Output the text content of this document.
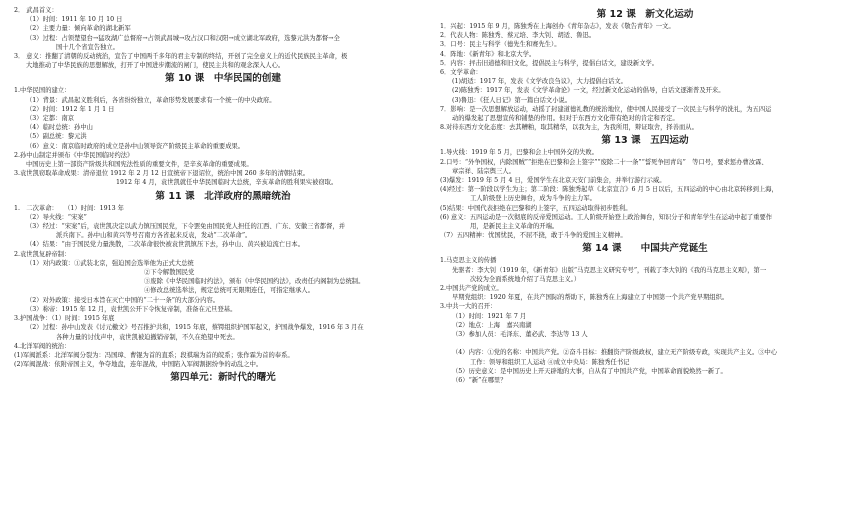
2． 武昌首义：
（1）时间：1911 年 10 月 10 日
（2）主要力量：倾向革命的湖北新军
（3）过程：占领楚望台→猛攻湖广总督府→占领武昌城→攻占汉口和汉阳→成立湖北军政府，选黎元洪为都督→全
国十几个省宣告独立。
3． 意义：推翻了清朝的反动统治，宣告了中国两千多年的君主专制的终结，开创了完全意义上的近代民族民主革命，极
大地推动了中华民族的思想解放，打开了中国进步潮流的闸门，使民主共和的观念深入人心。
第 10 课　中华民国的创建
1.中华民国的建立：
（1）背景：武昌起义胜利后，各省纷纷独立，革命形势发展要求有一个统一的中央政府。
（2）时间：1912 年 1 月 1 日
（3）定都：南京
（4）临时总统：孙中山
（5）副总统：黎元洪
（6）意义：南京临时政府的成立是孙中山领导资产阶级民主革命的重要成果。
2.孙中山制定并颁布《中华民国临时约法》
中国历史上第一部资产阶级共和国宪法性质的重要文件，是辛亥革命的重要成果。
3.袁世凯窃取革命成果：清帝退位 1912 年 2 月 12 日宣统帝下退诏位，统治中国 260 多年的清朝结束。
1912 年 4 月，袁世凯就任中华民国临时大总统，辛亥革命的胜利果实被窃取。
第 11 课　北洋政府的黑暗统治
1.　二次革命：　　（1）时间：1913 年
（2）导火线：“宋案”
（3）经过：“宋案”后，袁世凯决定以武力镇压国民党，下令罢免由国民党人担任的江西、广东、安徽三省都督，并
派兵南下。孙中山和黄兴等号召南方各省起来反袁，发动“二次革命”。
（4）结果：“由于国民党力量涣散，二次革命很快被袁世凯镇压下去，孙中山、黄兴被迫流亡日本。
2.袁世凯复辟帝制：
（1）对内政策：①武装北京，强迫国会选举他为正式大总统
②下令解散国民党
③废除《中华民国临时约法》，颁布《中华民国约法》，改责任内阁制为总统制。
④修改总统选举法，规定总统可无限期连任，可指定继承人。
（2）对外政策：接受日本旨在灭亡中国的“二十一条”的大部分内容。
（3）称帝：1915 年 12 月，袁世凯公开下令恢复帝制，准备在元旦登基。
3.护国战争：（1）时间：1915 年底
（2）过程：孙中山发表《讨元檄文》号召推护共和，1915 年底，蔡锷组织护国军起义，护国战争爆发，1916 年 3 月在
各种力量的讨伐声中，袁世凯被迫撤销帝制，不久在绝望中死去。
4.北洋军阀的统治：
(1)军阀派系：北洋军阀分裂为：冯国璋、曹锟为首的直系；段祺瑞为首的皖系；张作霖为首的奉系。
(2)军阀混战：依附帝国主义，争夺地盘，连年混战，中国陷入军阀割据纷争的动乱之中。
第四单元：新时代的曙光
第 12 课　新文化运动
1．兴起：1915 年 9 月，陈独秀在上海创办《青年杂志》，发表《敬告青年》一文。
2．代表人物：陈独秀、蔡元培、李大钊、胡适、鲁迅。
3．口号：民主与科学（德先生和赛先生）。
4．阵地：《新青年》和北京大学。
5．内容：抨击旧道德和旧文化，提倡民主与科学，提倡白话文，建设新文学。
6．文学革命：
(1)胡适：1917 年，发表《文学改良刍议》，大力提倡白话文。
(2)陈独秀：1917 年，发表《文学革命论》一文，经过新文化运动的倡导，白话文逐渐普及开来。
(3)鲁迅：《狂人日记》第一篇白话文小说。
7．影响：是一次思想解放运动，动摇了封建道德礼教的统治地位，使中国人民接受了一次民主与科学的洗礼，为五四运
动的爆发起了思想宣传和铺垫的作用。但对于东西方文化带有绝对的肯定和否定。
8.对待东西方文化态度：去其糟粕，取其精华，以我为主，为我所用，辩证取舍，择善而从。
第 13 课　五四运动
1.导火线：1919 年 5 月，巴黎和会上中国外交的失败。
2.口号：“外争国权，内除国贼”“拒绝在巴黎和会上签字”“废除二十一条”“誓死争回青岛”　等口号，要求惩办曹汝霖、
章宗祥、陆宗舆三人。
(3)爆发：1919 年 5 月 4 日，爱国学生在北京天安门前集会，并举行游行示威。
(4)经过：第一阶段以学生为主；第二阶段：陈独秀起草《北京宣言》6 月 5 日以后，五四运动的中心由北京转移到上海，
工人阶级登上历史舞台，成为斗争的主力军。
(5)结果：中国代表拒绝在巴黎和约上签字，五四运动取得初步胜利。
(6) 意义：五四运动是一次彻底的反帝爱国运动。工人阶级开始登上政治舞台，知识分子和青年学生在运动中起了重要作
用，是新民主主义革命的开端。
（7）五四精神：忧国忧民，不屈不挠，敢于斗争的爱国主义精神。
第 14 课　　中国共产党诞生
1.马克思主义的传播
先驱者：李大钊（1919 年，《新青年》出版“马克思主义研究专号”，刊载了李大钊的《我的马克思主义观》，第一
次较为全面系统地介绍了马克思主义。）
2.中国共产党的成立。
早期党组织：1920 年夏，在共产国际的帮助下，陈独秀在上海建立了中国第一个共产党早期组织。
3.中共一大的召开：
（1）时间：1921 年 7 月
（2）地点：上海　嘉兴南湖
（3）参加人员：毛泽东、董必武、李达等 13 人
（4）内容：①党的名称：中国共产党。②奋斗目标：推翻资产阶级政权，建立无产阶级专政，实现共产主义。③中心
工作：领导和组织工人运动 ④成立中央局：陈独秀任书记
（5）历史意义：是中国历史上开天辟地的大事，自从有了中国共产党，中国革命面貌焕然一新了。
（6）“新”在哪里？
